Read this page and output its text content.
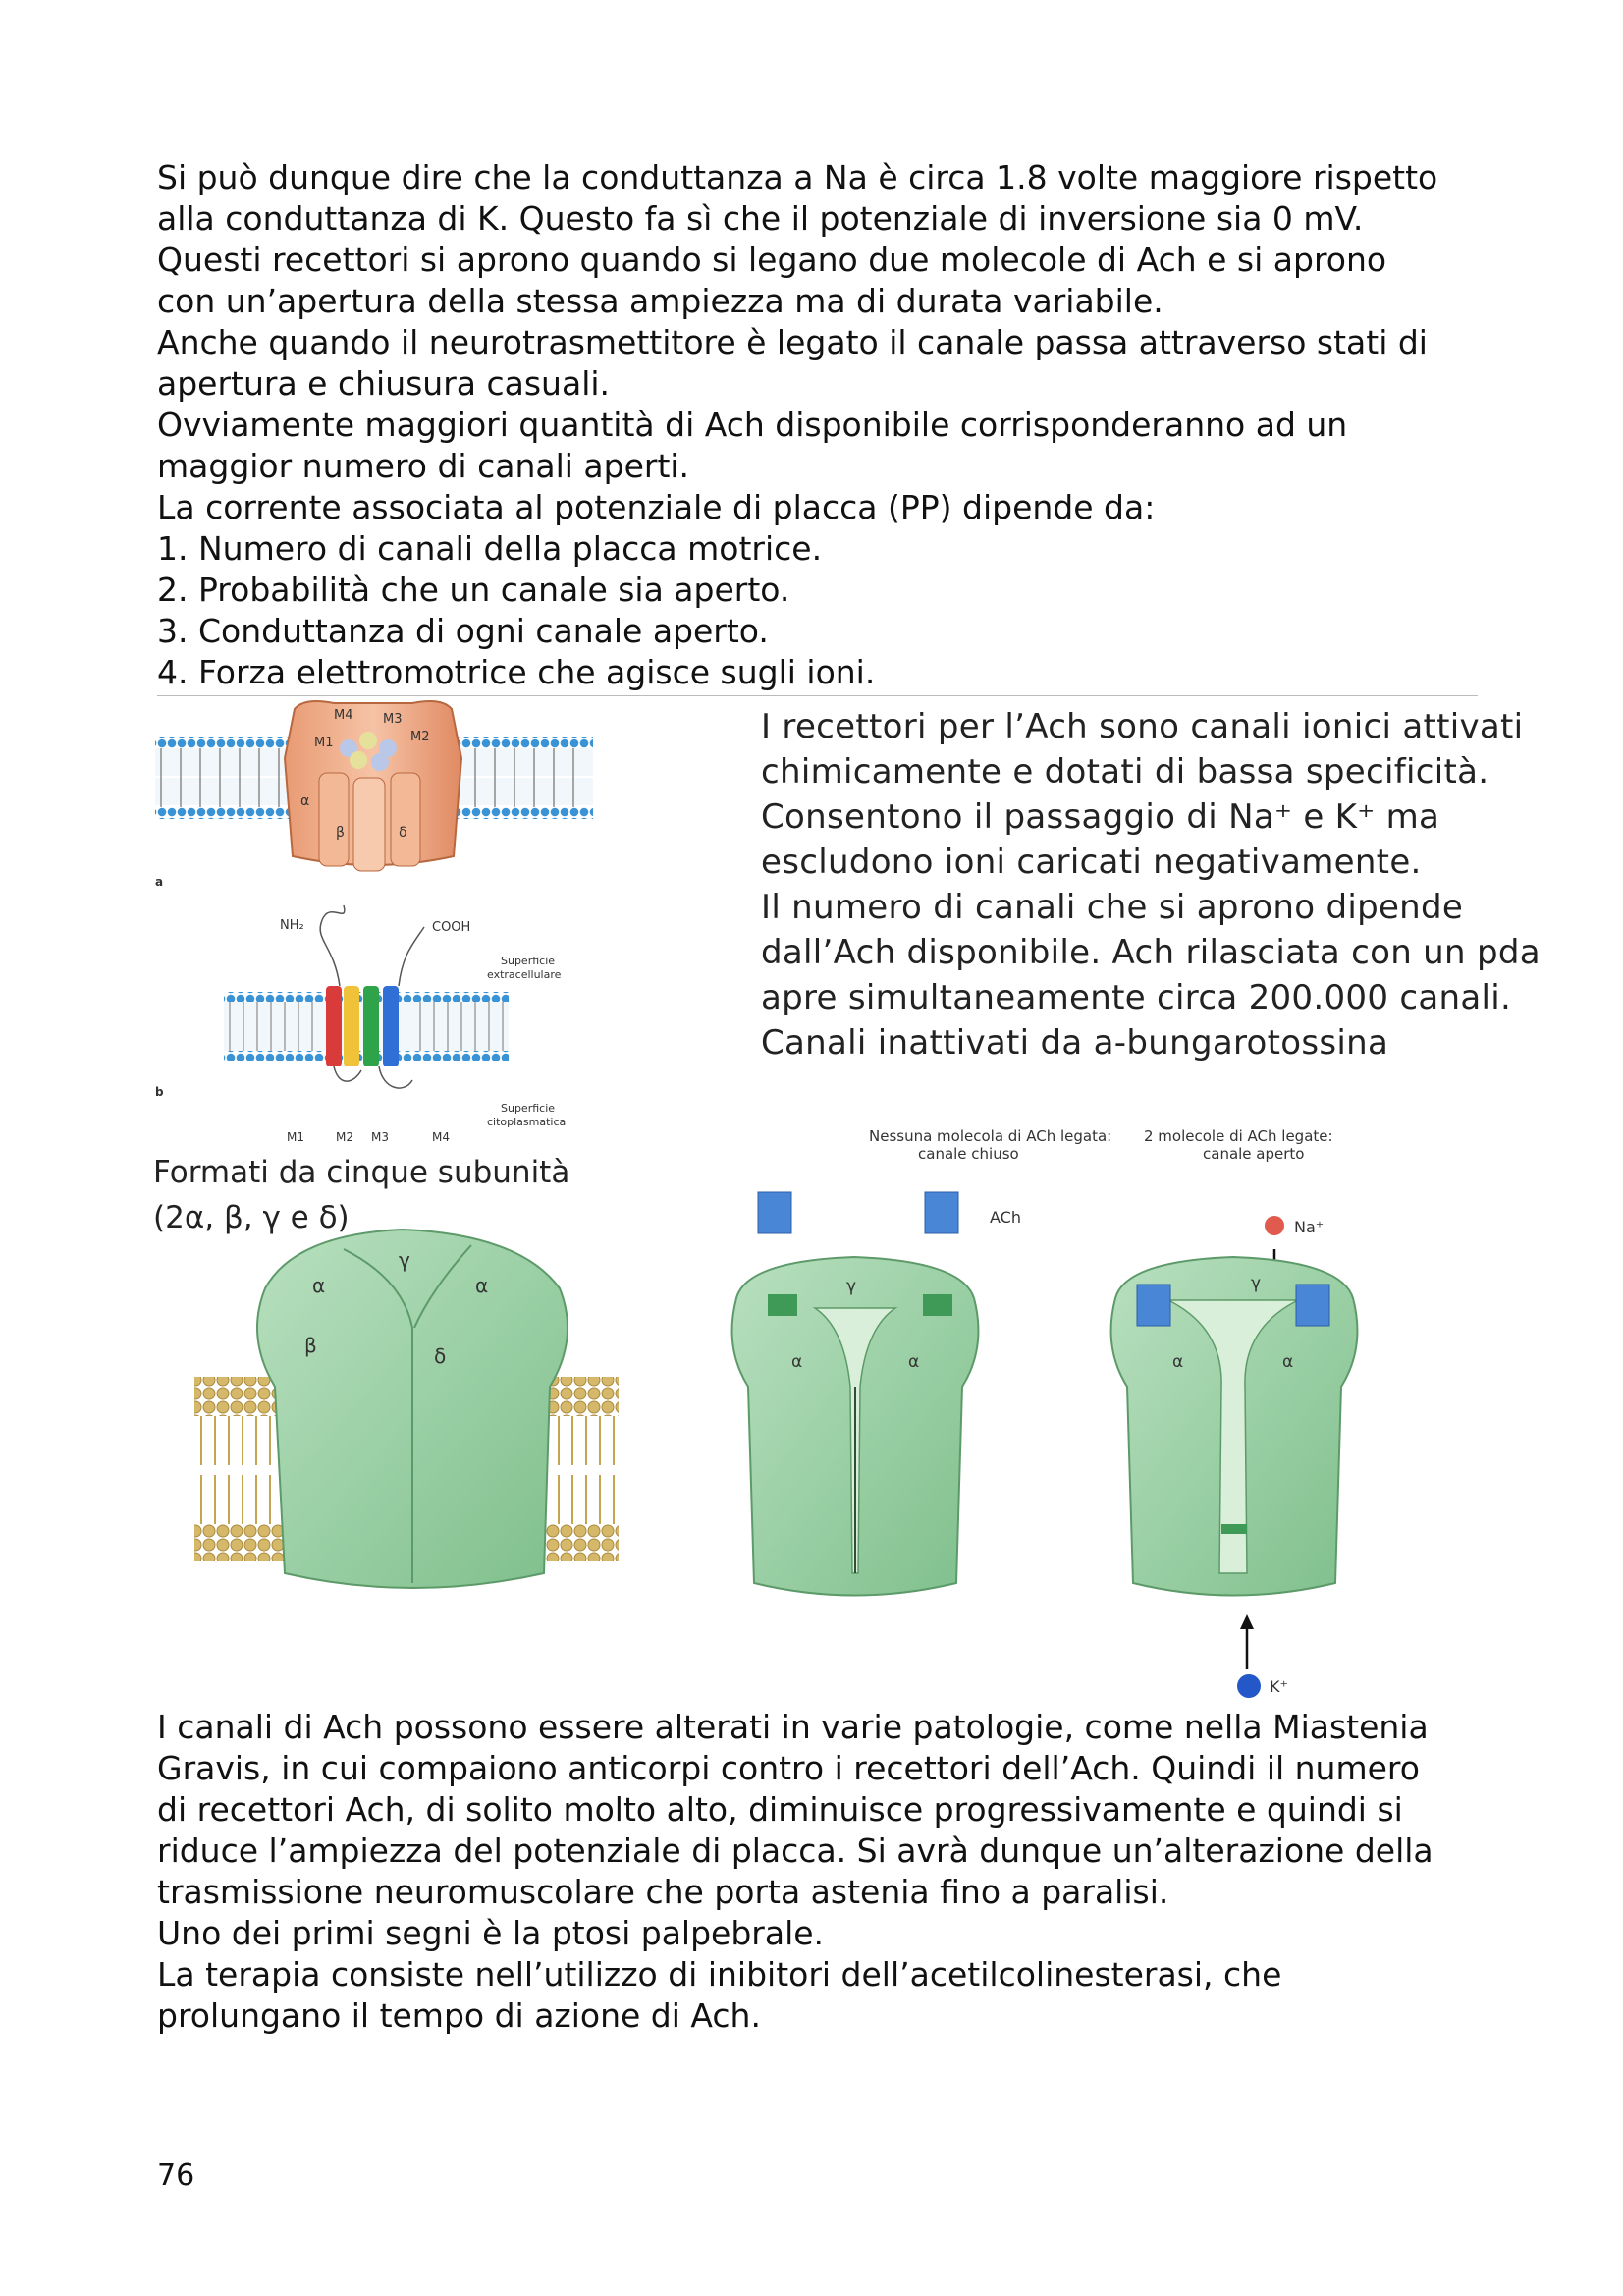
Si può dunque dire che la conduttanza a Na è circa 1.8 volte maggiore rispetto
alla conduttanza di K. Questo fa sì che il potenziale di inversione sia 0 mV.
Questi recettori si aprono quando si legano due molecole di Ach e si aprono
con un’apertura della stessa ampiezza ma di durata variabile.
Anche quando il neurotrasmettitore è legato il canale passa attraverso stati di
apertura e chiusura casuali.
Ovviamente maggiori quantità di Ach disponibile corrisponderanno ad un
maggior numero di canali aperti.
La corrente associata al potenziale di placca (PP) dipende da:
1. Numero di canali della placca motrice.
2. Probabilità che un canale sia aperto.
3. Conduttanza di ogni canale aperto.
4. Forza elettromotrice che agisce sugli ioni.
M4 M3
M1	M2
α
β	δ
a
NH₂	COOH
Superficie
extracellulare
Superficie
citoplasmatica
M1	M2 M3	M4
b
Formati da cinque subunità
(2α, β, γ e δ)
α
γ
α
β	δ
Nessuna molecola di ACh legata:
canale chiuso
ACh
γ
α	α
2 molecole di ACh legate:
canale aperto
Na⁺
γ
α	α
K⁺
I recettori per l’Ach sono canali ionici attivati
chimicamente e dotati di bassa specificità.
Consentono il passaggio di Na⁺ e K⁺ ma
escludono ioni caricati negativamente.
Il numero di canali che si aprono dipende
dall’Ach disponibile. Ach rilasciata con un pda
apre simultaneamente circa 200.000 canali.
Canali inattivati da a-bungarotossina
I canali di Ach possono essere alterati in varie patologie, come nella Miastenia
Gravis, in cui compaiono anticorpi contro i recettori dell’Ach. Quindi il numero
di recettori Ach, di solito molto alto, diminuisce progressivamente e quindi si
riduce l’ampiezza del potenziale di placca. Si avrà dunque un’alterazione della
trasmissione neuromuscolare che porta astenia fino a paralisi.
Uno dei primi segni è la ptosi palpebrale.
La terapia consiste nell’utilizzo di inibitori dell’acetilcolinesterasi, che
prolungano il tempo di azione di Ach.
76
